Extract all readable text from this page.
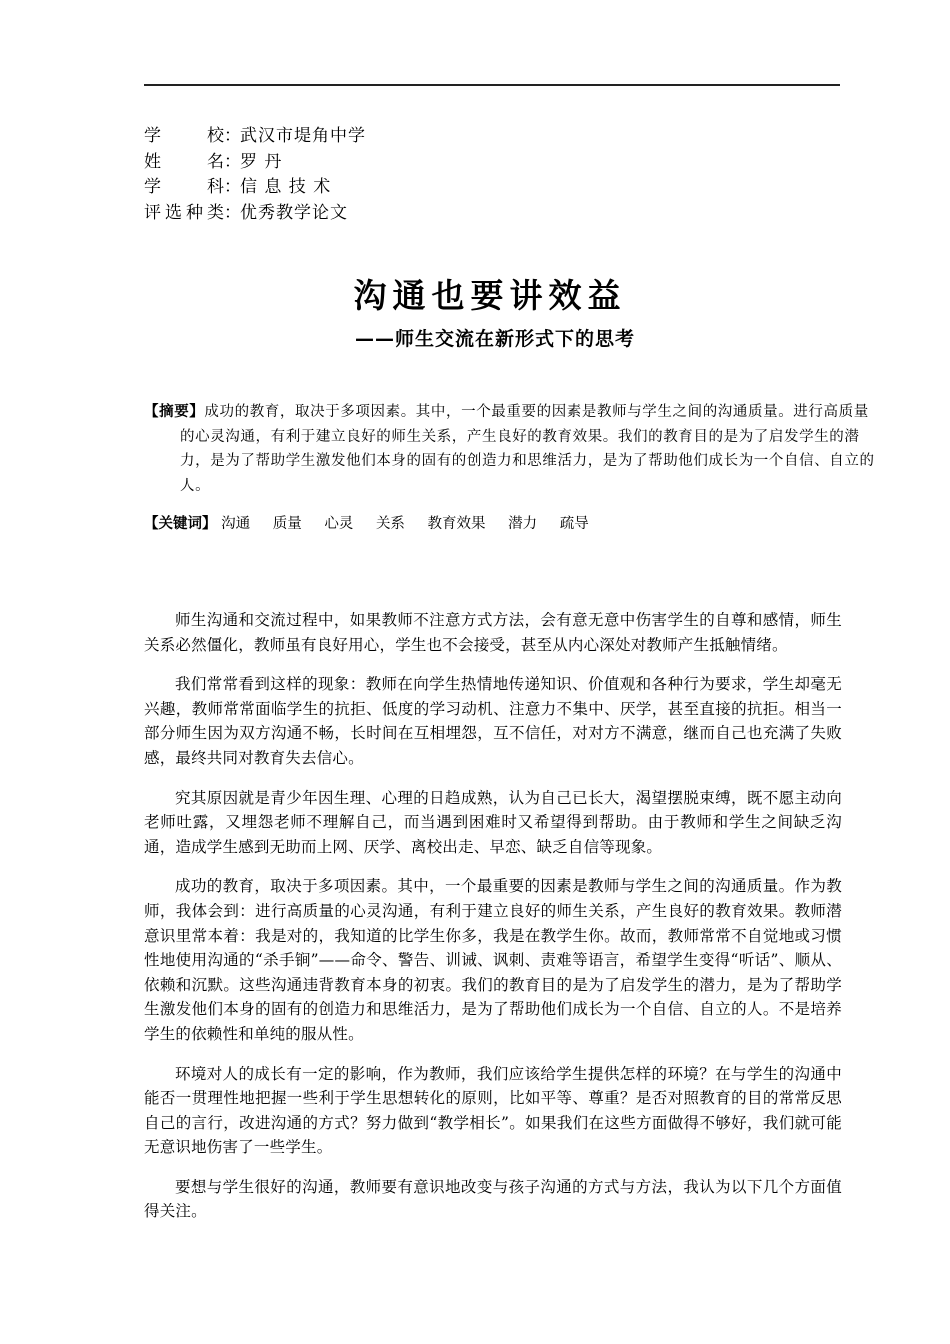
学校 ： 武汉市堤角中学
姓名 ： 罗 丹
学科 ： 信 息 技 术
评选种类 ： 优秀教学论文
沟通也要讲效益
——师生交流在新形式下的思考
【摘要】成功的教育，取决于多项因素。其中，一个最重要的因素是教师与学生之间的沟通质量。进行高质量的心灵沟通，有利于建立良好的师生关系，产生良好的教育效果。我们的教育目的是为了启发学生的潜力，是为了帮助学生激发他们本身的固有的创造力和思维活力，是为了帮助他们成长为一个自信、自立的人。
【关键词】 沟通 质量 心灵 关系 教育效果 潜力 疏导

师生沟通和交流过程中，如果教师不注意方式方法，会有意无意中伤害学生的自尊和感情，师生关系必然僵化，教师虽有良好用心，学生也不会接受，甚至从内心深处对教师产生抵触情绪。

我们常常看到这样的现象：教师在向学生热情地传递知识、价值观和各种行为要求，学生却毫无兴趣，教师常常面临学生的抗拒、低度的学习动机、注意力不集中、厌学，甚至直接的抗拒。相当一部分师生因为双方沟通不畅，长时间在互相埋怨，互不信任，对对方不满意，继而自己也充满了失败感，最终共同对教育失去信心。

究其原因就是青少年因生理、心理的日趋成熟，认为自己已长大，渴望摆脱束缚，既不愿主动向老师吐露，又埋怨老师不理解自己，而当遇到困难时又希望得到帮助。由于教师和学生之间缺乏沟通，造成学生感到无助而上网、厌学、离校出走、早恋、缺乏自信等现象。

成功的教育，取决于多项因素。其中，一个最重要的因素是教师与学生之间的沟通质量。作为教师，我体会到：进行高质量的心灵沟通，有利于建立良好的师生关系，产生良好的教育效果。教师潜意识里常本着：我是对的，我知道的比学生你多，我是在教学生你。故而，教师常常不自觉地或习惯性地使用沟通的“杀手锏”——命令、警告、训诫、讽刺、责难等语言，希望学生变得“听话”、顺从、依赖和沉默。这些沟通违背教育本身的初衷。我们的教育目的是为了启发学生的潜力，是为了帮助学生激发他们本身的固有的创造力和思维活力，是为了帮助他们成长为一个自信、自立的人。不是培养学生的依赖性和单纯的服从性。

环境对人的成长有一定的影响，作为教师，我们应该给学生提供怎样的环境？在与学生的沟通中能否一贯理性地把握一些利于学生思想转化的原则，比如平等、尊重？是否对照教育的目的常常反思自己的言行，改进沟通的方式？努力做到“教学相长”。如果我们在这些方面做得不够好，我们就可能无意识地伤害了一些学生。

要想与学生很好的沟通，教师要有意识地改变与孩子沟通的方式与方法，我认为以下几个方面值得关注。
